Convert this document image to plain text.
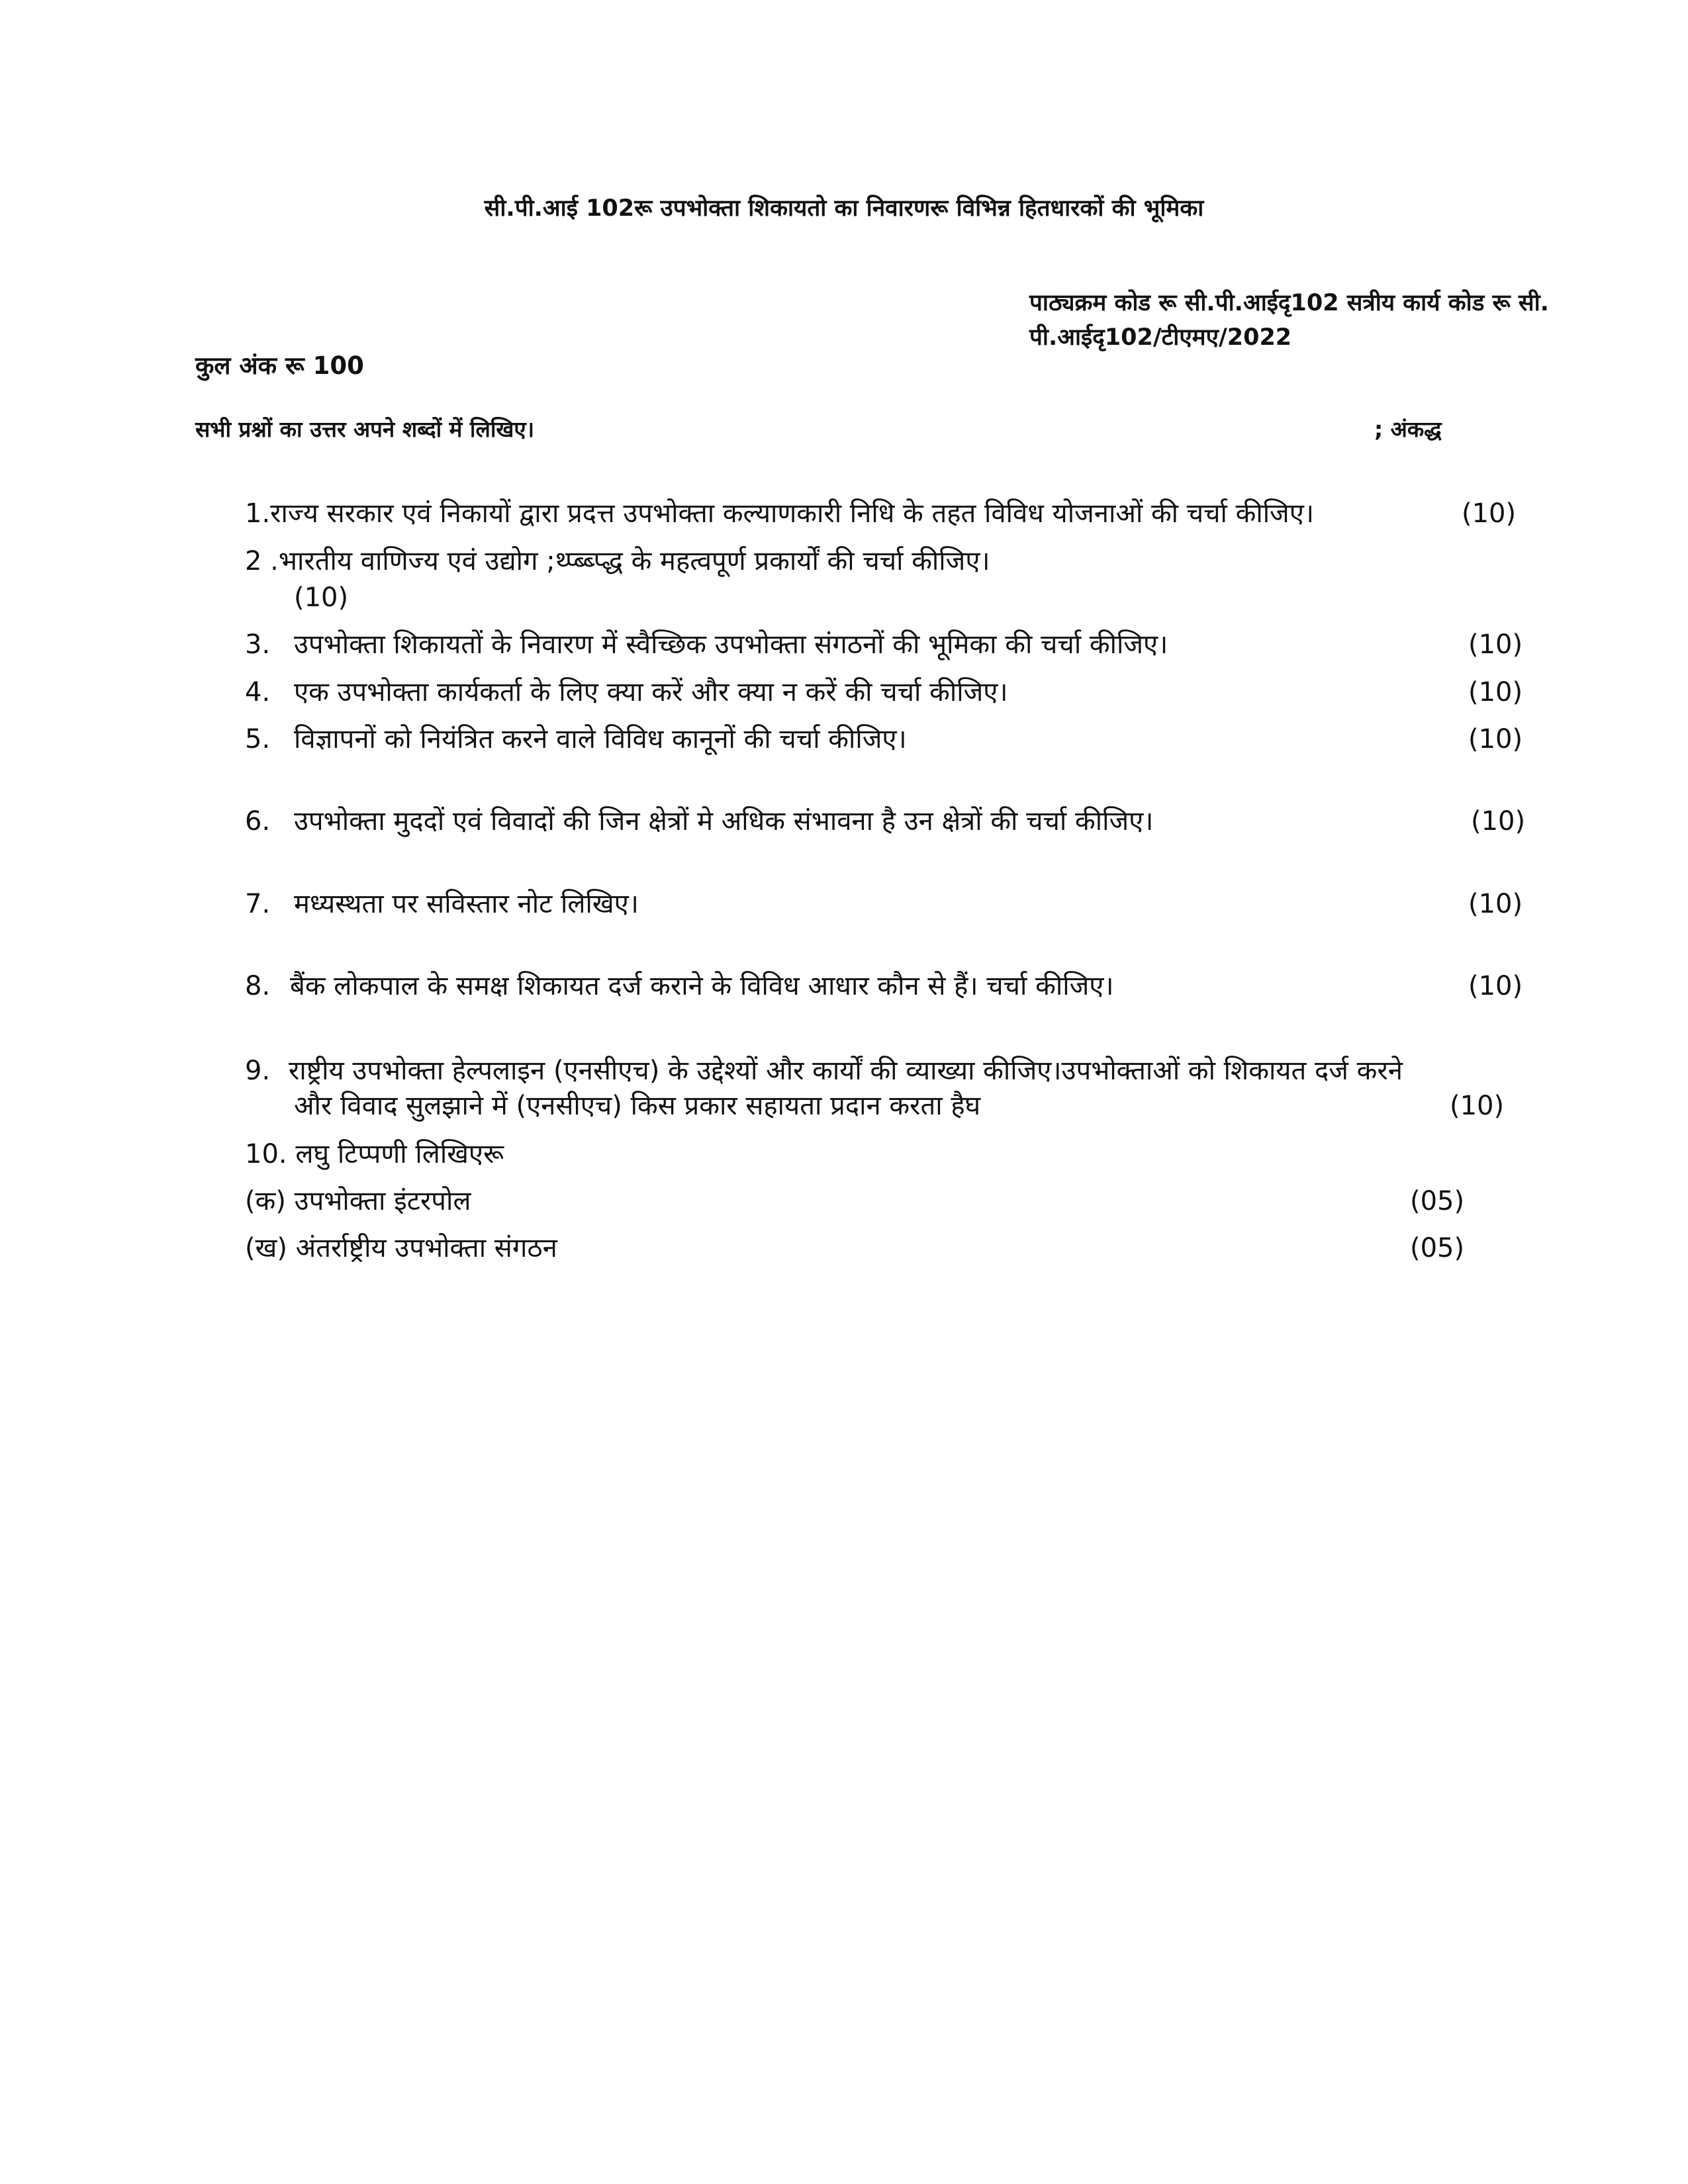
सी.पी.आई 102रू उपभोक्ता शिकायतो का निवारणरू विभिन्न हितधारकों की भूमिका
पाठ्यक्रम कोड रू सी.पी.आईदृ102 सत्रीय कार्य कोड रू सी.
पी.आईदृ102/टीएमए/2022
कुल अंक रू 100
सभी प्रश्नों का उत्तर अपने शब्दों में लिखिए।	; अंकद्ध
1.राज्य सरकार एवं निकायों द्वारा प्रदत्त उपभोक्ता कल्याणकारी निधि के तहत विविध योजनाओं की चर्चा कीजिए।	(10)
2 .भारतीय वाणिज्य एवं उद्योग ;थ्प्ब्ब्प्द्ध के महत्वपूर्ण प्रकार्यों की चर्चा कीजिए।
(10)
3. उपभोक्ता शिकायतों के निवारण में स्वैच्छिक उपभोक्ता संगठनों की भूमिका की चर्चा कीजिए।	(10)
4. एक उपभोक्ता कार्यकर्ता के लिए क्या करें और क्या न करें की चर्चा कीजिए।	(10)
5. विज्ञापनों को नियंत्रित करने वाले विविध कानूनों की चर्चा कीजिए।	(10)
6. उपभोक्ता मुददों एवं विवादों की जिन क्षेत्रों मे अधिक संभावना है उन क्षेत्रों की चर्चा कीजिए।	(10)
7. मध्यस्थता पर सविस्तार नोट लिखिए।	(10)
8. बैंक लोकपाल के समक्ष शिकायत दर्ज कराने के विविध आधार कौन से हैं। चर्चा कीजिए।	(10)
9. राष्ट्रीय उपभोक्ता हेल्पलाइन (एनसीएच) के उद्देश्यों और कार्यों की व्याख्या कीजिए।उपभोक्ताओं को शिकायत दर्ज करने
और विवाद सुलझाने में (एनसीएच) किस प्रकार सहायता प्रदान करता हैघ	(10)
10. लघु टिप्पणी लिखिएरू
(क) उपभोक्ता इंटरपोल	(05)
(ख) अंतर्राष्ट्रीय उपभोक्ता संगठन	(05)
